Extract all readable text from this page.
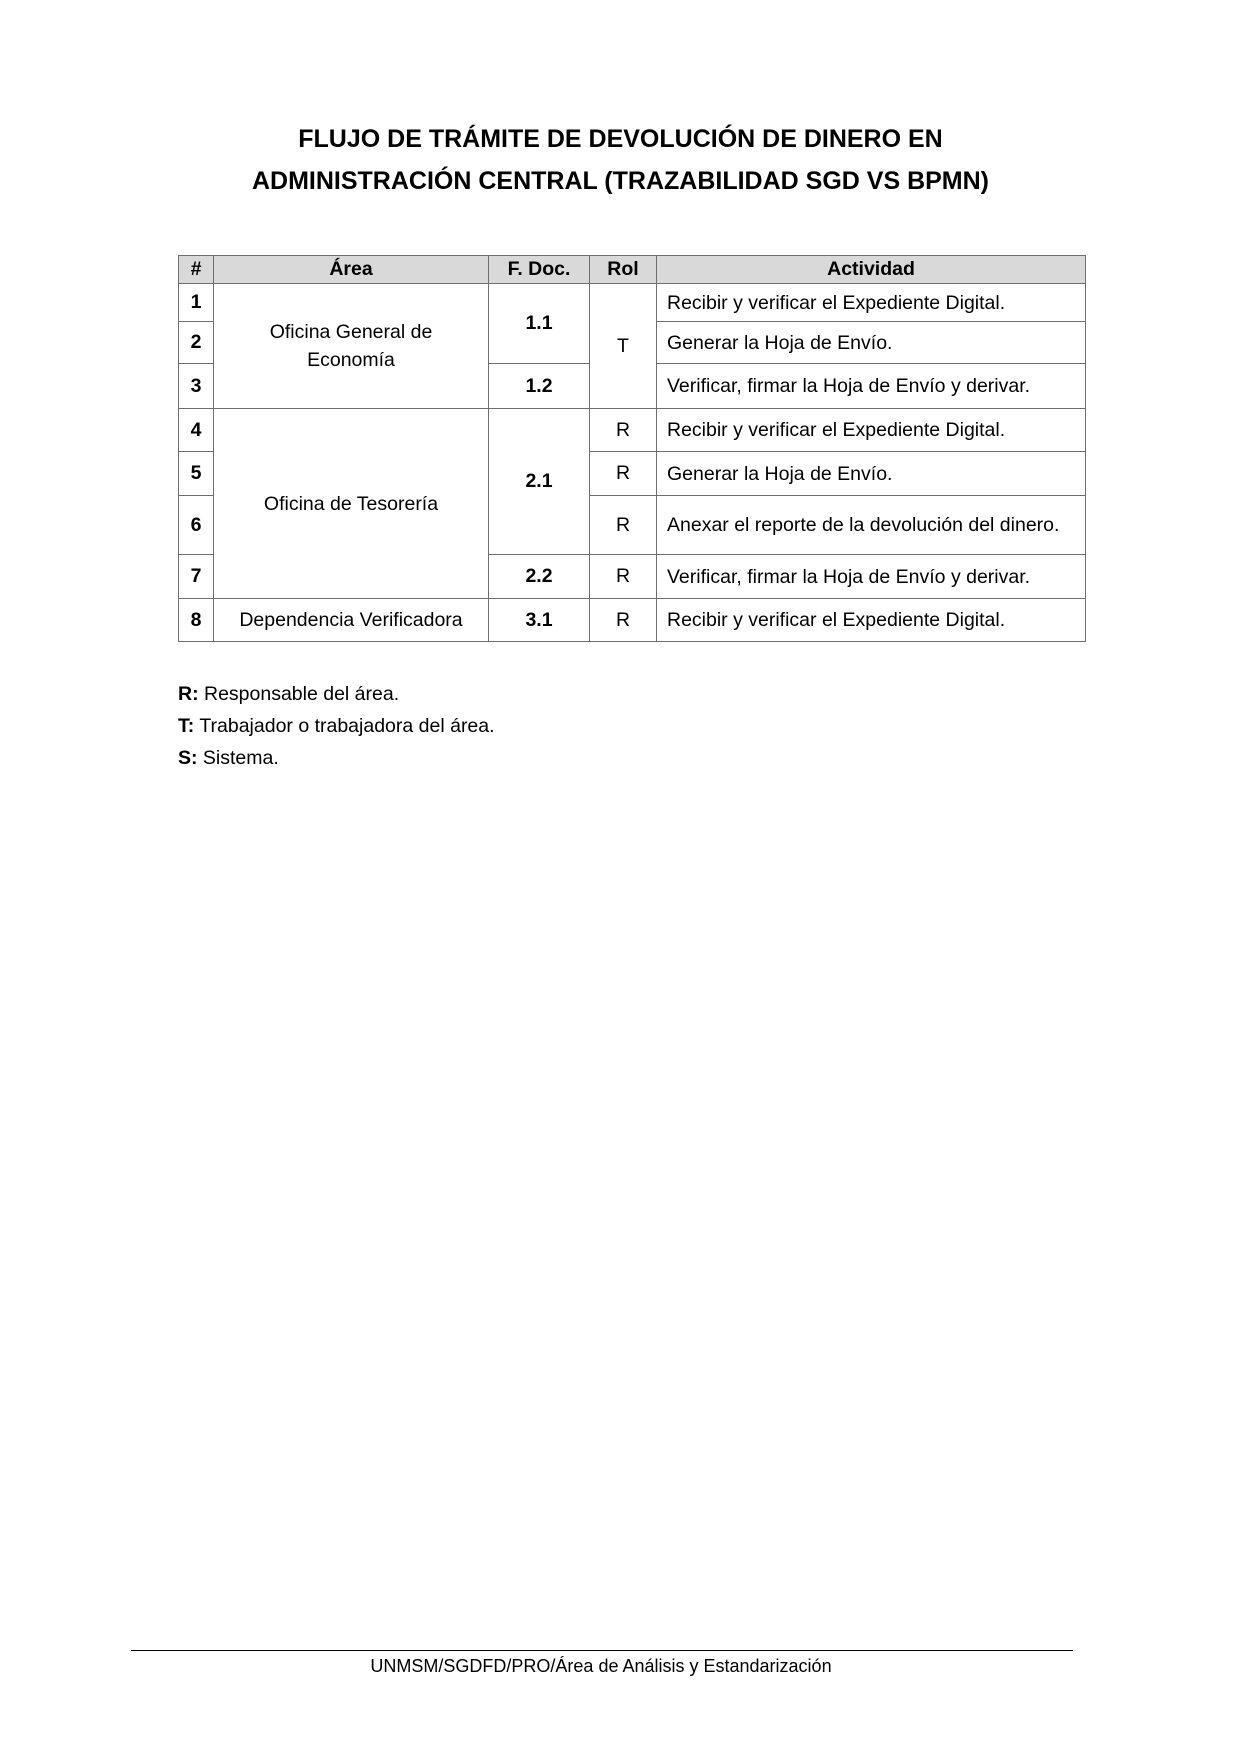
FLUJO DE TRÁMITE DE DEVOLUCIÓN DE DINERO EN
ADMINISTRACIÓN CENTRAL (TRAZABILIDAD SGD VS BPMN)
#	Área	F. Doc.	Rol	Actividad
1	Oficina General de Economía	1.1	T	Recibir y verificar el Expediente Digital.
2				Generar la Hoja de Envío.
3		1.2		Verificar, firmar la Hoja de Envío y derivar.
4	Oficina de Tesorería	2.1	R	Recibir y verificar el Expediente Digital.
5			R	Generar la Hoja de Envío.
6			R	Anexar el reporte de la devolución del dinero.
7		2.2	R	Verificar, firmar la Hoja de Envío y derivar.
8	Dependencia Verificadora	3.1	R	Recibir y verificar el Expediente Digital.
R: Responsable del área.
T: Trabajador o trabajadora del área.
S: Sistema.
UNMSM/SGDFD/PRO/Área de Análisis y Estandarización
